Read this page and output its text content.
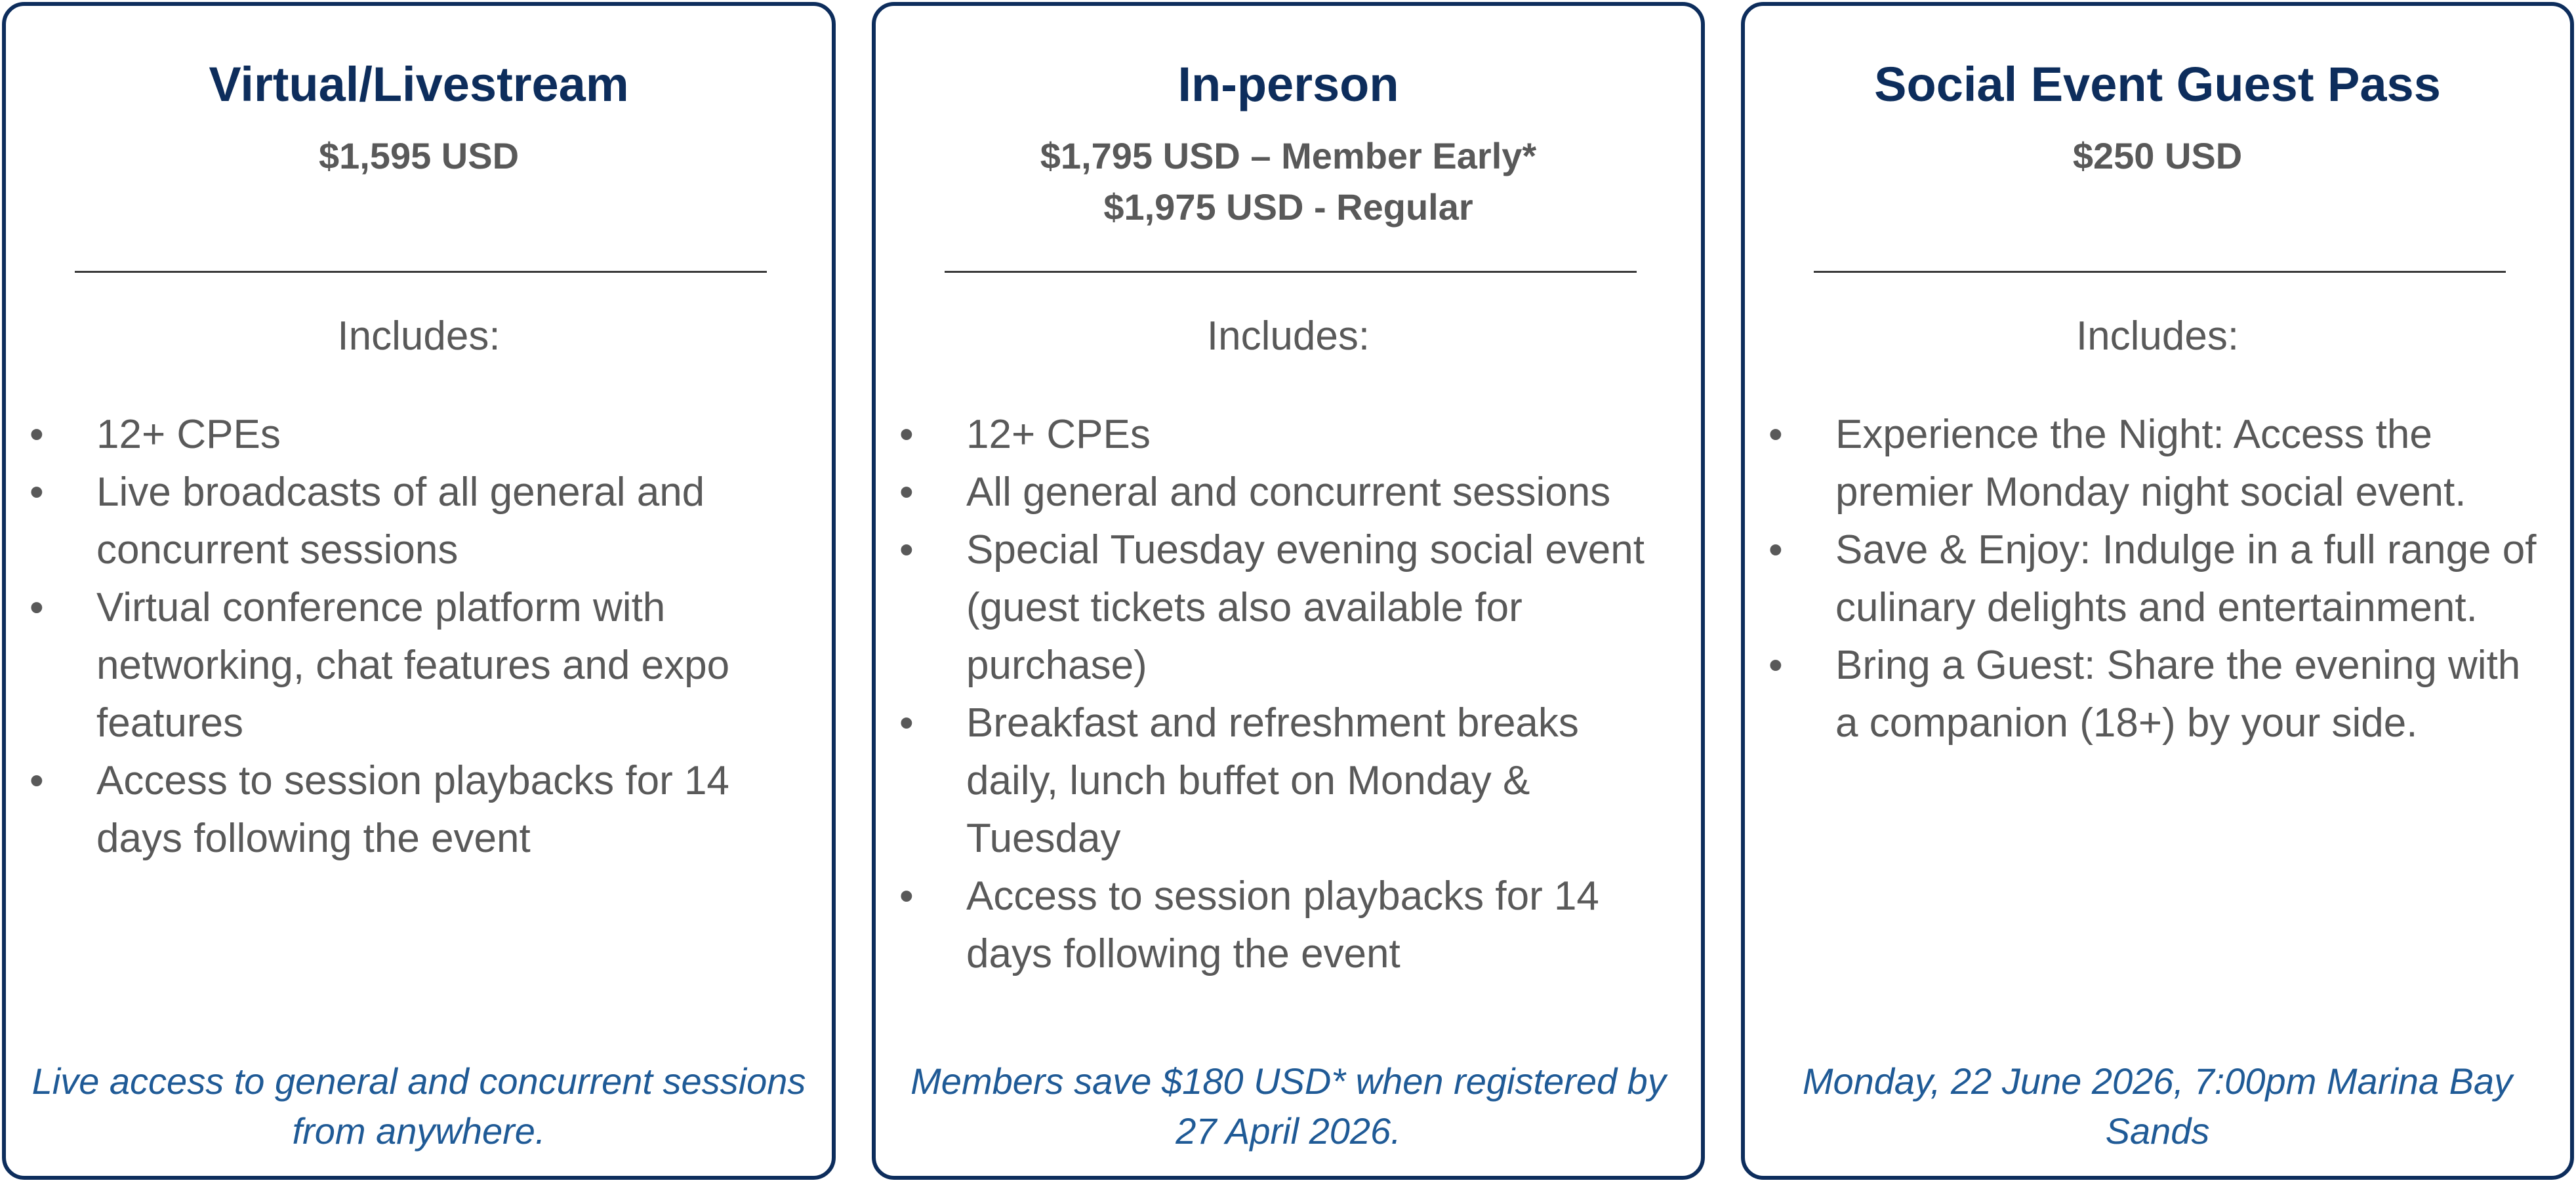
Virtual/Livestream
$1,595 USD
Includes:
• 12+ CPEs
• Live broadcasts of all general and concurrent sessions
• Virtual conference platform with networking, chat features and expo features
• Access to session playbacks for 14 days following the event
Live access to general and concurrent sessions from anywhere.
In-person
$1,795 USD – Member Early*
$1,975 USD - Regular
Includes:
• 12+ CPEs
• All general and concurrent sessions
• Special Tuesday evening social event (guest tickets also available for purchase)
• Breakfast and refreshment breaks daily, lunch buffet on Monday & Tuesday
• Access to session playbacks for 14 days following the event
Members save $180 USD* when registered by 27 April 2026.
Social Event Guest Pass
$250 USD
Includes:
• Experience the Night: Access the premier Monday night social event.
• Save & Enjoy: Indulge in a full range of culinary delights and entertainment.
• Bring a Guest: Share the evening with a companion (18+) by your side.
Monday, 22 June 2026, 7:00pm Marina Bay Sands
